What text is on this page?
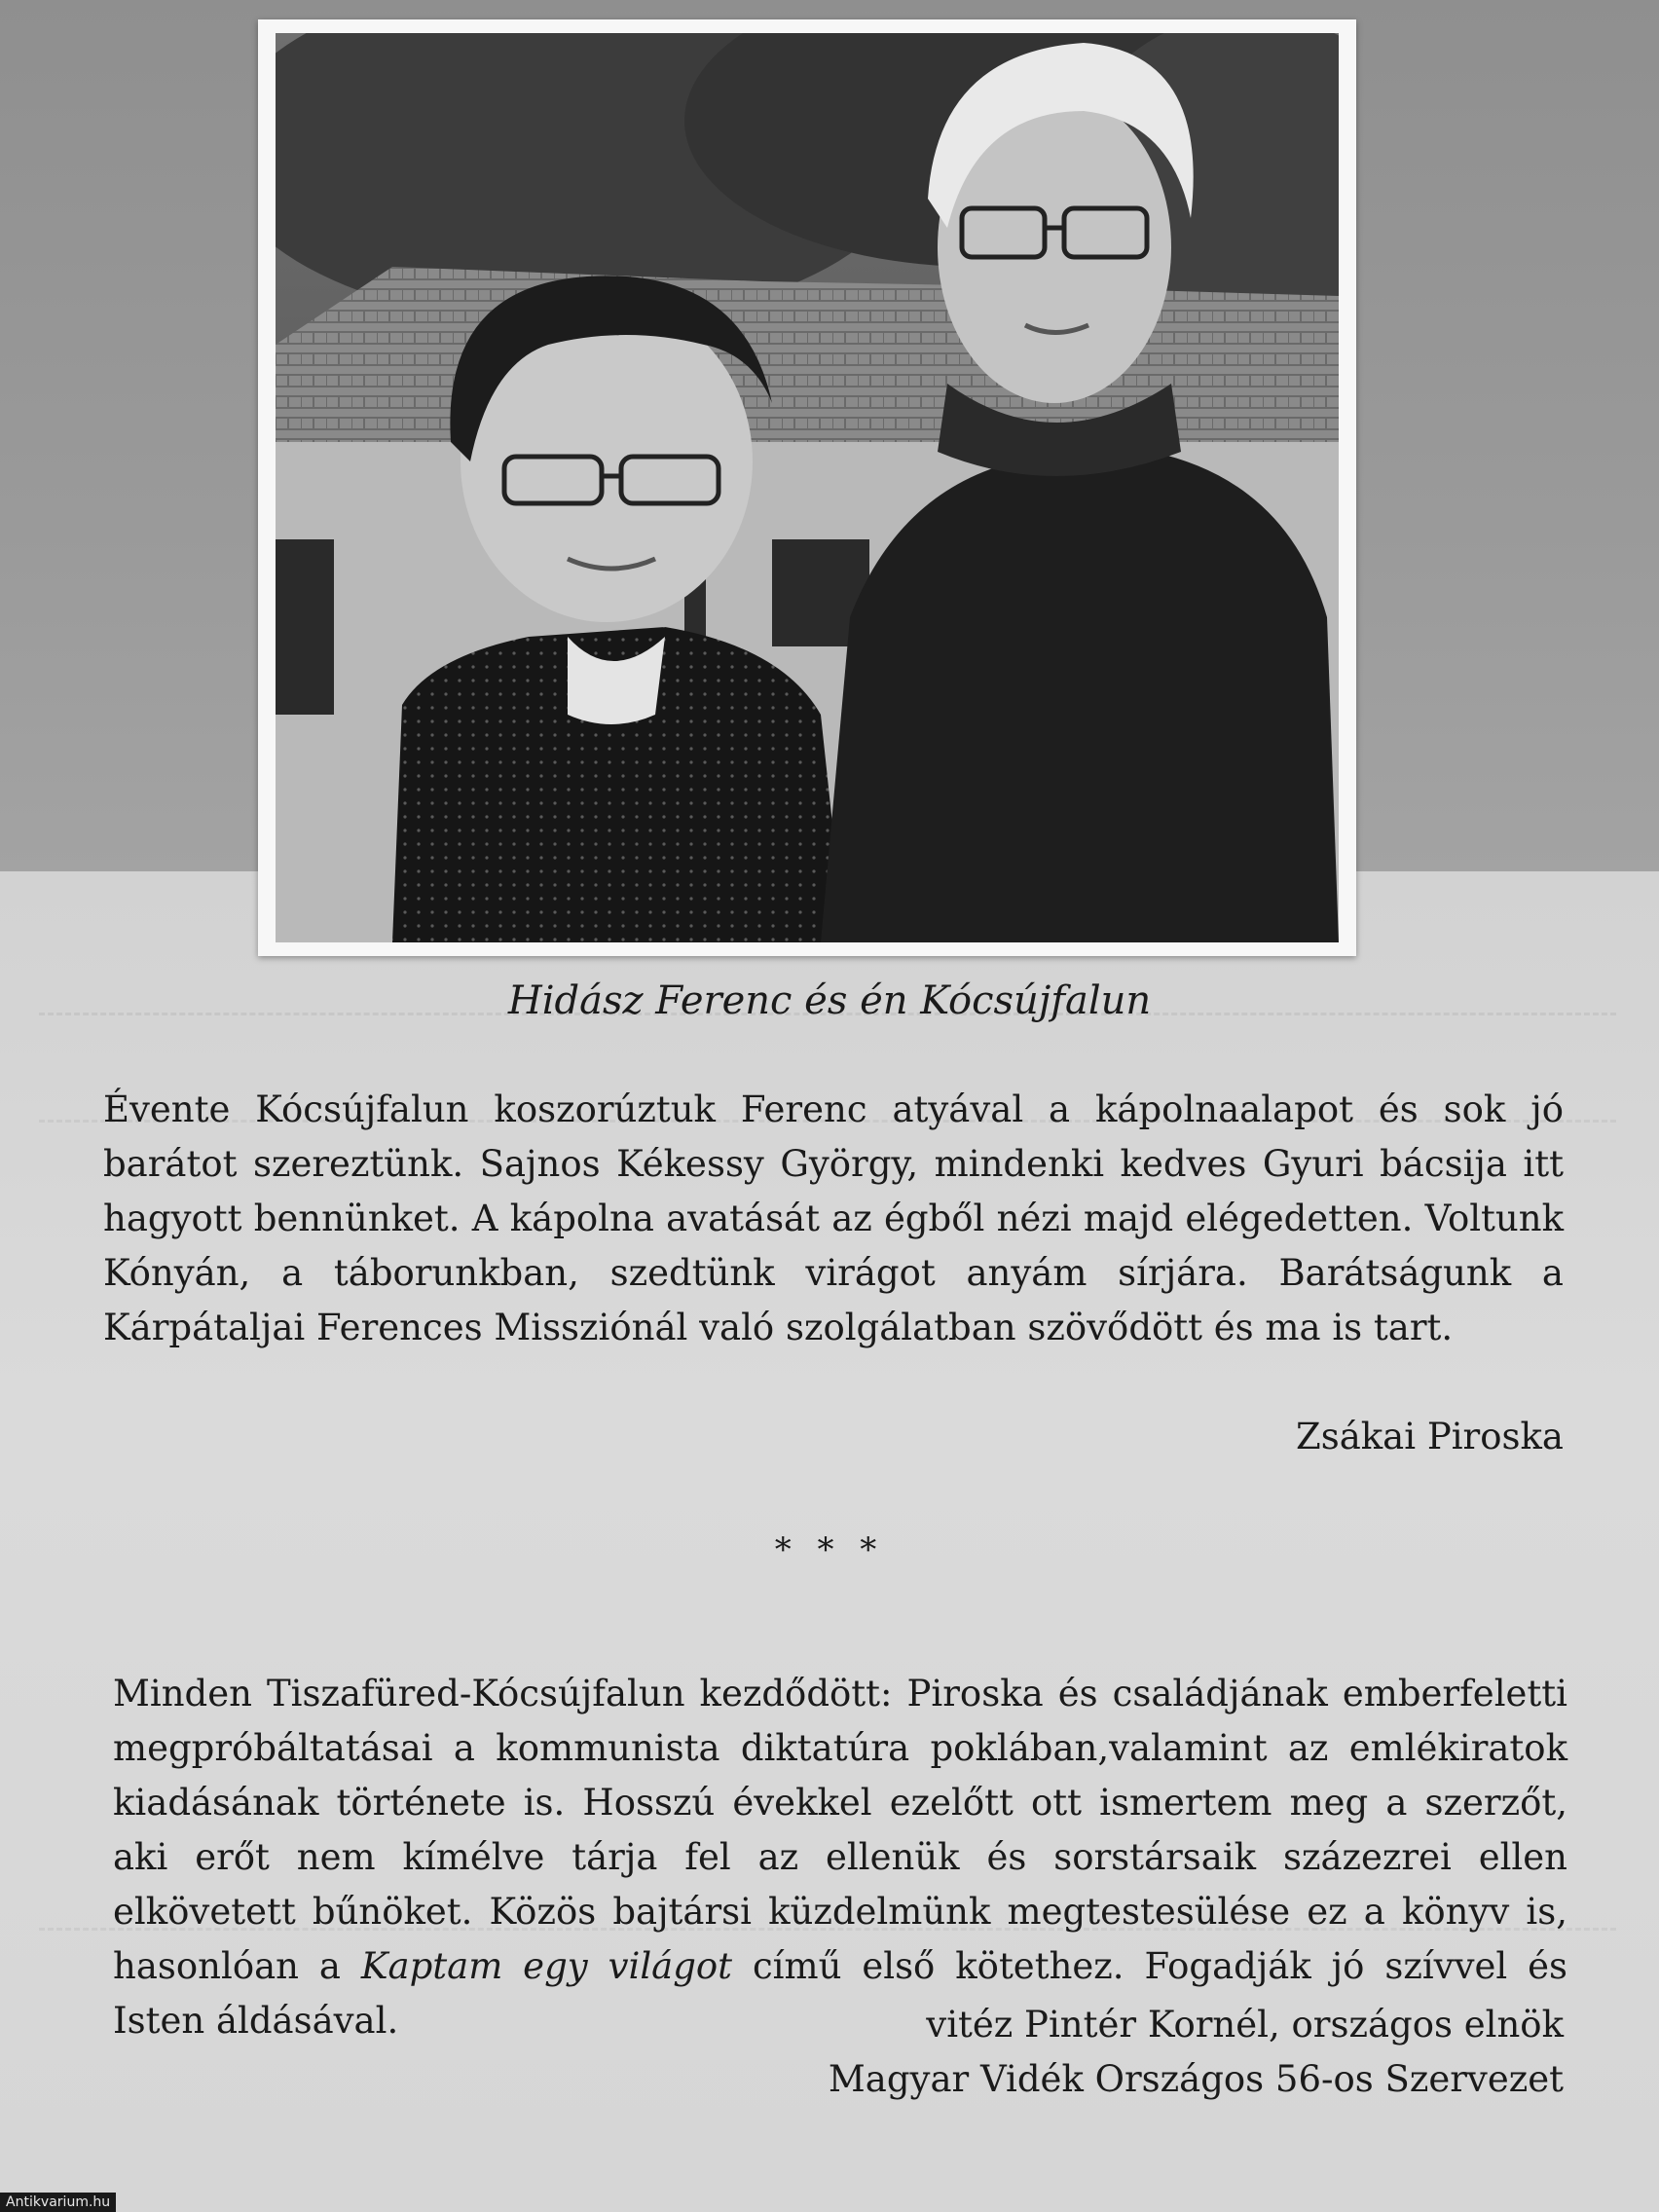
Hidász Ferenc és én Kócsújfalun
Évente Kócsújfalun koszorúztuk Ferenc atyával a kápolnaalapot és sok jó barátot szereztünk. Sajnos Kékessy György, mindenki kedves Gyuri bácsija itt hagyott bennünket. A kápolna avatását az égből nézi majd elégedetten. Voltunk Kónyán, a táborunkban, szedtünk virágot anyám sírjára. Barátságunk a Kárpátaljai Ferences Missziónál való szolgálatban szövődött és ma is tart.
Zsákai Piroska
* * *
Minden Tiszafüred-Kócsújfalun kezdődött: Piroska és családjának emberfeletti megpróbáltatásai a kommunista diktatúra poklában,valamint az emlékiratok kiadásának története is. Hosszú évekkel ezelőtt ott ismertem meg a szerzőt, aki erőt nem kímélve tárja fel az ellenük és sorstársaik százezrei ellen elkövetett bűnöket. Közös bajtársi küzdelmünk megtestesülése ez a könyv is, hasonlóan a Kaptam egy világot című első kötethez. Fogadják jó szívvel és Isten áldásával.	vitéz Pintér Kornél, országos elnök
Magyar Vidék Országos 56-os Szervezet
Antikvarium.hu
